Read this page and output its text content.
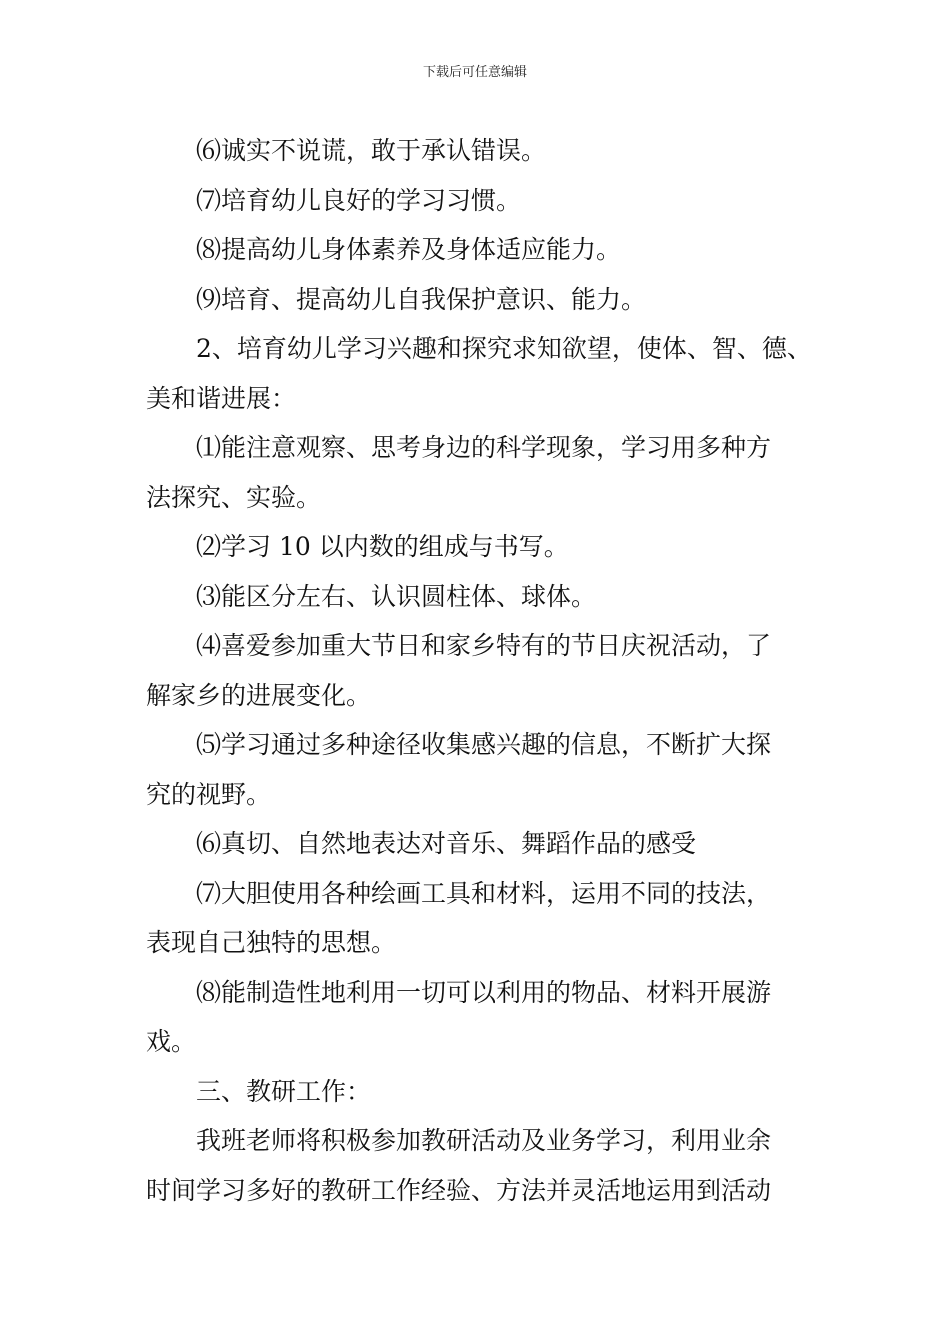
下载后可任意编辑

⑹诚实不说谎，敢于承认错误。

⑺培育幼儿良好的学习习惯。

⑻提高幼儿身体素养及身体适应能力。

⑼培育、提高幼儿自我保护意识、能力。

2、培育幼儿学习兴趣和探究求知欲望，使体、智、德、

美和谐进展：

⑴能注意观察、思考身边的科学现象，学习用多种方

法探究、实验。

⑵学习 10 以内数的组成与书写。

⑶能区分左右、认识圆柱体、球体。

⑷喜爱参加重大节日和家乡特有的节日庆祝活动，了

解家乡的进展变化。

⑸学习通过多种途径收集感兴趣的信息，不断扩大探

究的视野。

⑹真切、自然地表达对音乐、舞蹈作品的感受

⑺大胆使用各种绘画工具和材料，运用不同的技法，

表现自己独特的思想。

⑻能制造性地利用一切可以利用的物品、材料开展游

戏。

三、教研工作：

我班老师将积极参加教研活动及业务学习，利用业余

时间学习多好的教研工作经验、方法并灵活地运用到活动
